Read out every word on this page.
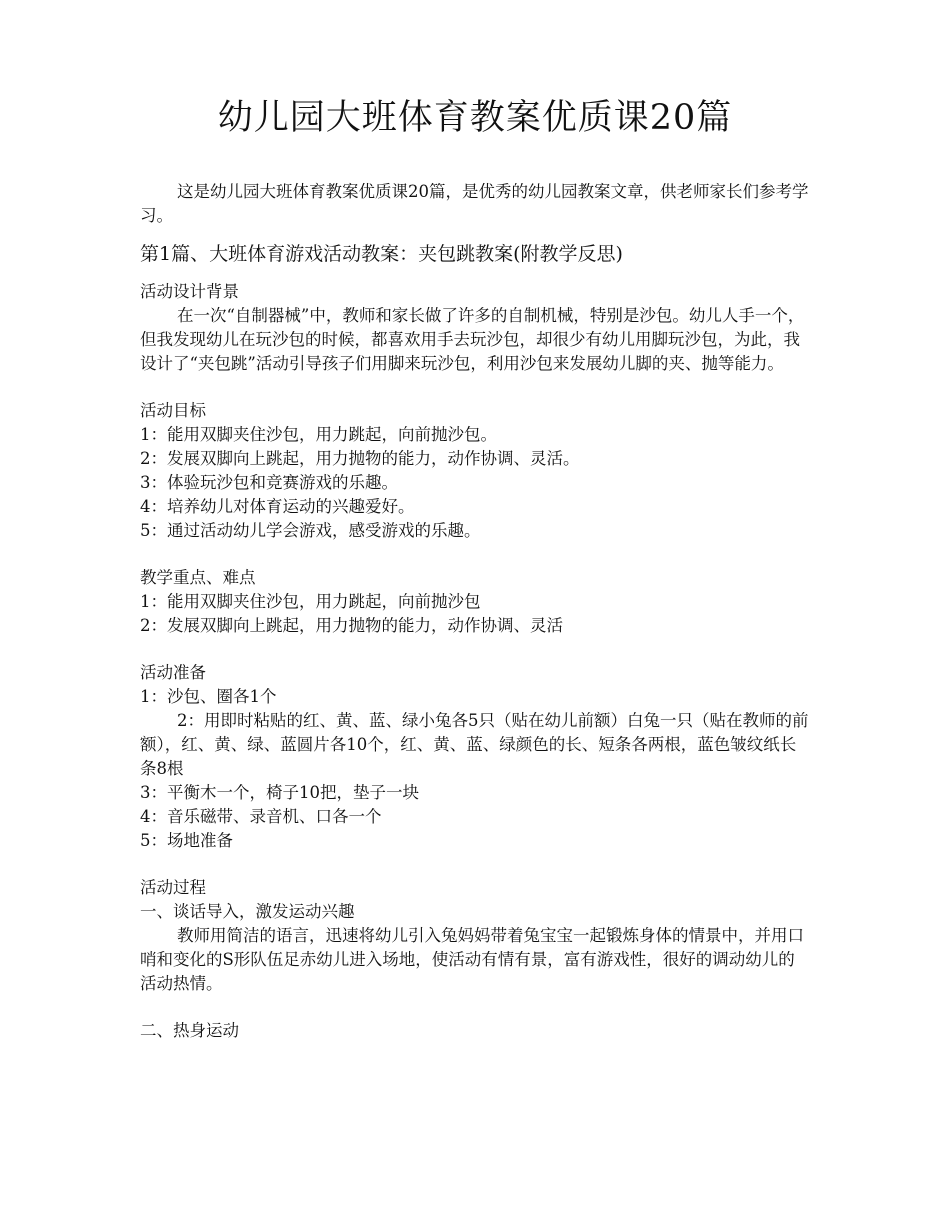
幼儿园大班体育教案优质课20篇

这是幼儿园大班体育教案优质课20篇，是优秀的幼儿园教案文章，供老师家长们参考学习。

第1篇、大班体育游戏活动教案：夹包跳教案(附教学反思)

活动设计背景

在一次“自制器械”中，教师和家长做了许多的自制机械，特别是沙包。幼儿人手一个，但我发现幼儿在玩沙包的时候，都喜欢用手去玩沙包，却很少有幼儿用脚玩沙包，为此，我设计了“夹包跳”活动引导孩子们用脚来玩沙包，利用沙包来发展幼儿脚的夹、抛等能力。

活动目标

1：能用双脚夹住沙包，用力跳起，向前抛沙包。

2：发展双脚向上跳起，用力抛物的能力，动作协调、灵活。

3：体验玩沙包和竞赛游戏的乐趣。

4：培养幼儿对体育运动的兴趣爱好。

5：通过活动幼儿学会游戏，感受游戏的乐趣。

教学重点、难点

1：能用双脚夹住沙包，用力跳起，向前抛沙包

2：发展双脚向上跳起，用力抛物的能力，动作协调、灵活

活动准备

1：沙包、圈各1个

2：用即时粘贴的红、黄、蓝、绿小兔各5只（贴在幼儿前额）白兔一只（贴在教师的前额），红、黄、绿、蓝圆片各10个，红、黄、蓝、绿颜色的长、短条各两根，蓝色皱纹纸长条8根

3：平衡木一个，椅子10把，垫子一块

4：音乐磁带、录音机、口各一个

5：场地准备

活动过程

一、谈话导入，激发运动兴趣

教师用简洁的语言，迅速将幼儿引入兔妈妈带着兔宝宝一起锻炼身体的情景中，并用口哨和变化的S形队伍足赤幼儿进入场地，使活动有情有景，富有游戏性，很好的调动幼儿的活动热情。

二、热身运动
